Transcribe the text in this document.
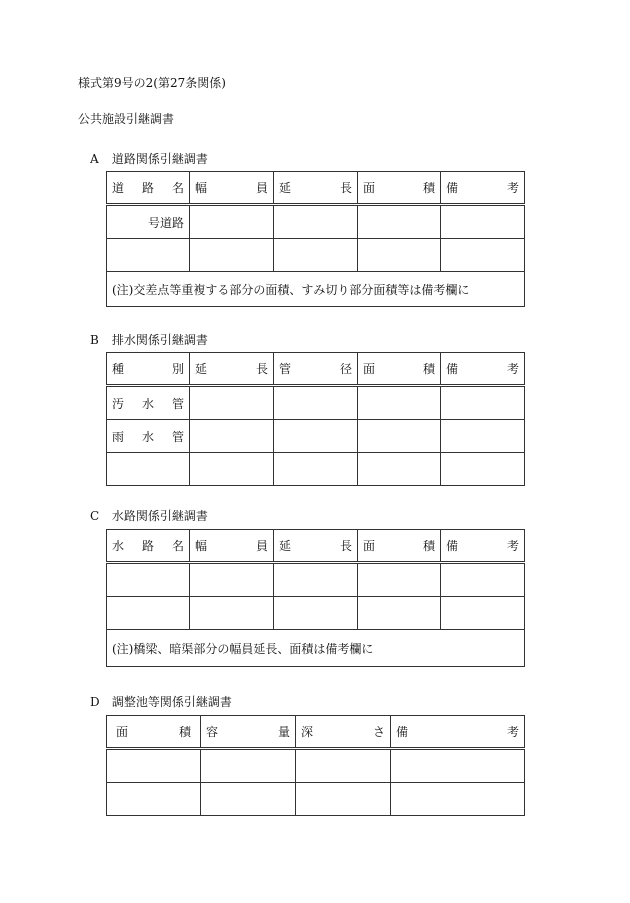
様式第9号の2(第27条関係)
公共施設引継調書
A 道路関係引継調書
道 路 名	幅 員	延 長	面 積	備 考

号道路				

(注)交差点等重複する部分の面積、すみ切り部分面積等は備考欄に				
B 排水関係引継調書
種 別	延 長	管 径	面 積	備 考

汚 水 管				

雨 水 管				

C 水路関係引継調書
水 路 名	幅 員	延 長	面 積	備 考

(注)橋梁、暗渠部分の幅員延長、面積は備考欄に				
D 調整池等関係引継調書
面 積	容 量	深 さ	備 考
